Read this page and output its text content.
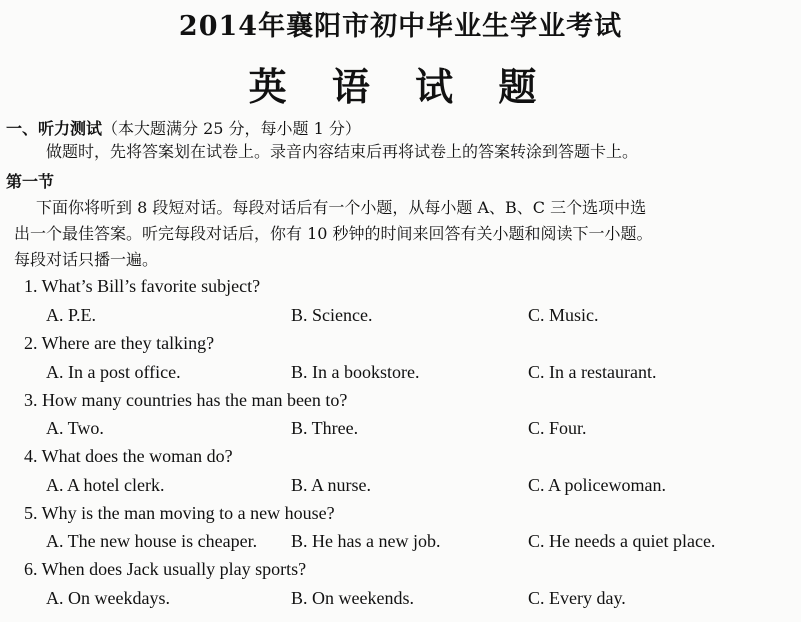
2014年襄阳市初中毕业生学业考试
英 语 试 题
一、听力测试（本大题满分 25 分，每小题 1 分）
做题时，先将答案划在试卷上。录音内容结束后再将试卷上的答案转涂到答题卡上。
第一节
下面你将听到 8 段短对话。每段对话后有一个小题，从每小题 A、B、C 三个选项中选
出一个最佳答案。听完每段对话后，你有 10 秒钟的时间来回答有关小题和阅读下一小题。
每段对话只播一遍。
1. What’s Bill’s favorite subject?
A. P.E.	B. Science.	C. Music.
2. Where are they talking?
A. In a post office.	B. In a bookstore.	C. In a restaurant.
3. How many countries has the man been to?
A. Two.	B. Three.	C. Four.
4. What does the woman do?
A. A hotel clerk.	B. A nurse.	C. A policewoman.
5. Why is the man moving to a new house?
A. The new house is cheaper. B. He has a new job.	C. He needs a quiet place.
6. When does Jack usually play sports?
A. On weekdays.	B. On weekends.	C. Every day.
